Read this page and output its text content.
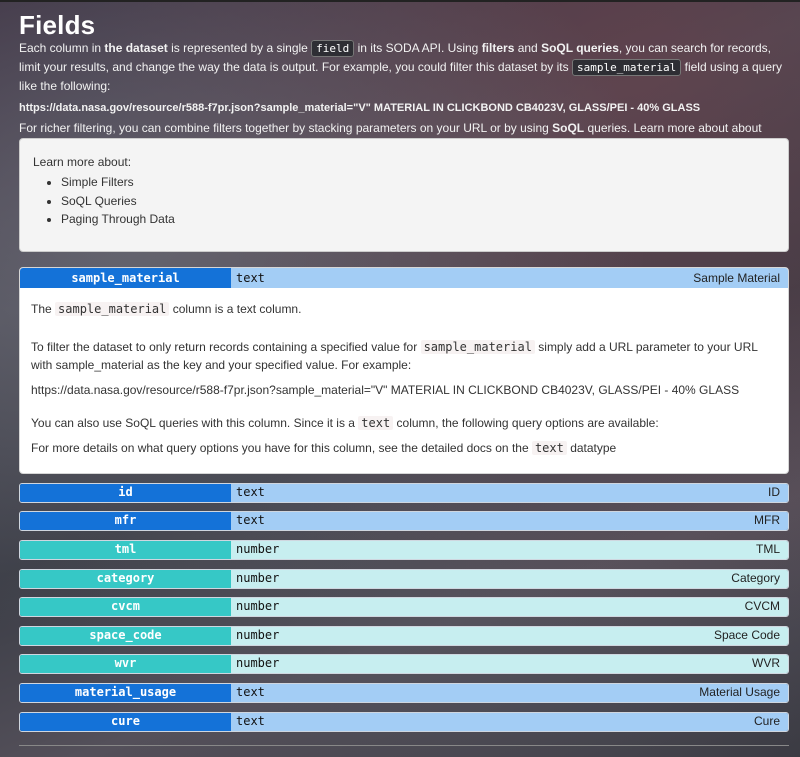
Fields

Each column in the dataset is represented by a single field in its SODA API. Using filters and SoQL queries, you can search for records, limit your results, and change the way the data is output. For example, you could filter this dataset by its sample_material field using a query like the following:

https://data.nasa.gov/resource/r588-f7pr.json?sample_material="V" MATERIAL IN CLICKBOND CB4023V, GLASS/PEI - 40% GLASS

For richer filtering, you can combine filters together by stacking parameters on your URL or by using SoQL queries. Learn more about about

Learn more about:
• Simple Filters
• SoQL Queries
• Paging Through Data
sample_material	text	Sample Material

The sample_material column is a text column.

To filter the dataset to only return records containing a specified value for sample_material simply add a URL parameter to your URL with sample_material as the key and your specified value. For example:

https://data.nasa.gov/resource/r588-f7pr.json?sample_material="V" MATERIAL IN CLICKBOND CB4023V, GLASS/PEI - 40% GLASS

You can also use SoQL queries with this column. Since it is a text column, the following query options are available:

For more details on what query options you have for this column, see the detailed docs on the text datatype

id	text	ID
mfr	text	MFR
tml	number	TML
category	number	Category
cvcm	number	CVCM
space_code	number	Space Code
wvr	number	WVR
material_usage	text	Material Usage
cure	text	Cure
